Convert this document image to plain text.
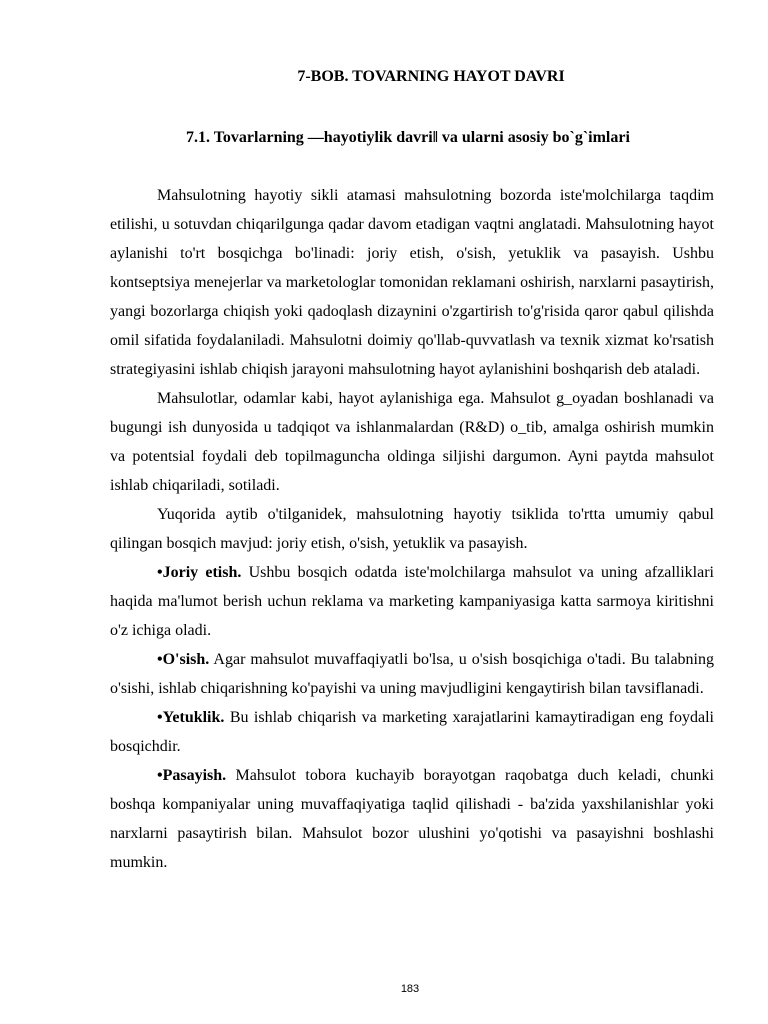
7-BOB. TOVARNING HAYOT DAVRI
7.1. Tovarlarning —hayotiylik davri‖ va ularni asosiy bo`g`imlari

Mahsulotning hayotiy sikli atamasi mahsulotning bozorda iste'molchilarga taqdim etilishi, u sotuvdan chiqarilgunga qadar davom etadigan vaqtni anglatadi. Mahsulotning hayot aylanishi to'rt bosqichga bo'linadi: joriy etish, o'sish, yetuklik va pasayish. Ushbu kontseptsiya menejerlar va marketologlar tomonidan reklamani oshirish, narxlarni pasaytirish, yangi bozorlarga chiqish yoki qadoqlash dizaynini o'zgartirish to'g'risida qaror qabul qilishda omil sifatida foydalaniladi. Mahsulotni doimiy qo'llab-quvvatlash va texnik xizmat ko'rsatish strategiyasini ishlab chiqish jarayoni mahsulotning hayot aylanishini boshqarish deb ataladi.

Mahsulotlar, odamlar kabi, hayot aylanishiga ega. Mahsulot g_oyadan boshlanadi va bugungi ish dunyosida u tadqiqot va ishlanmalardan (R&D) o_tib, amalga oshirish mumkin va potentsial foydali deb topilmaguncha oldinga siljishi dargumon. Ayni paytda mahsulot ishlab chiqariladi, sotiladi.

Yuqorida aytib o'tilganidek, mahsulotning hayotiy tsiklida to'rtta umumiy qabul qilingan bosqich mavjud: joriy etish, o'sish, yetuklik va pasayish.

•Joriy etish. Ushbu bosqich odatda iste'molchilarga mahsulot va uning afzalliklari haqida ma'lumot berish uchun reklama va marketing kampaniyasiga katta sarmoya kiritishni o'z ichiga oladi.

•O'sish. Agar mahsulot muvaffaqiyatli bo'lsa, u o'sish bosqichiga o'tadi. Bu talabning o'sishi, ishlab chiqarishning ko'payishi va uning mavjudligini kengaytirish bilan tavsiflanadi.

•Yetuklik. Bu ishlab chiqarish va marketing xarajatlarini kamaytiradigan eng foydali bosqichdir.

•Pasayish. Mahsulot tobora kuchayib borayotgan raqobatga duch keladi, chunki boshqa kompaniyalar uning muvaffaqiyatiga taqlid qilishadi - ba'zida yaxshilanishlar yoki narxlarni pasaytirish bilan. Mahsulot bozor ulushini yo'qotishi va pasayishni boshlashi mumkin.

183
